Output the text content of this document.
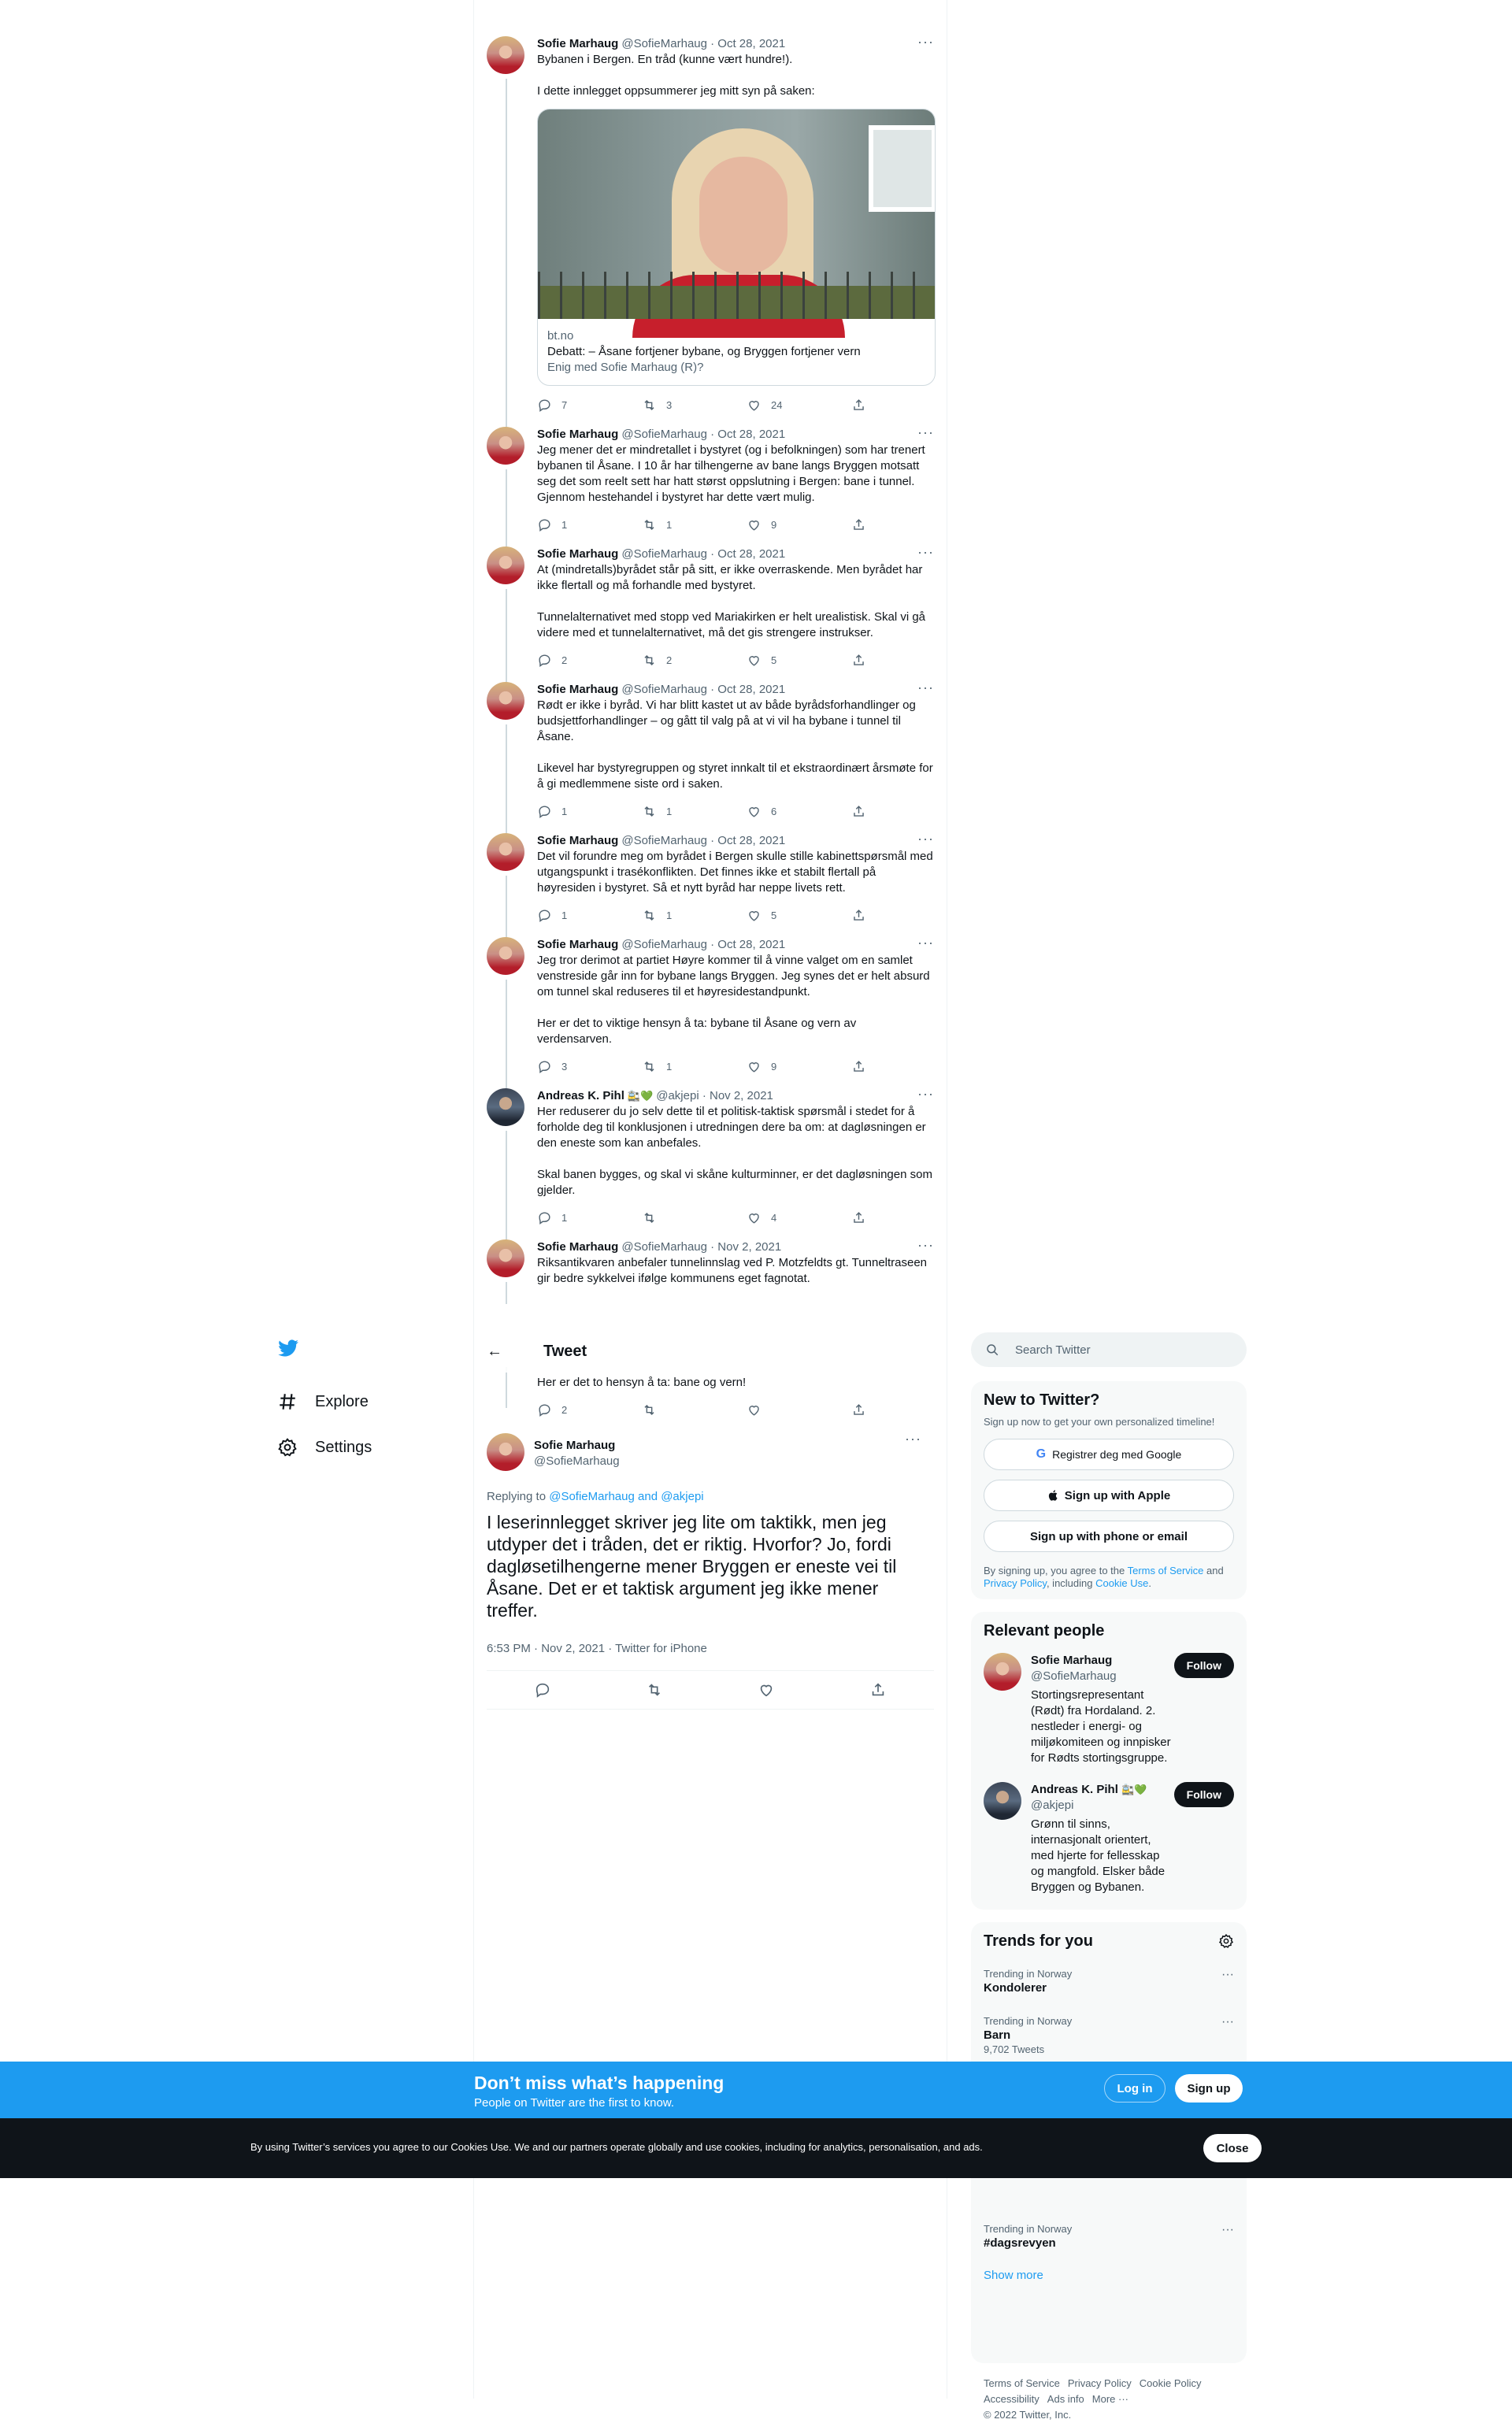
Sofie Marhaug @SofieMarhaug · Oct 28, 2021	···

Bybanen i Bergen. En tråd (kunne vært hundre!).

I dette innlegget oppsummerer jeg mitt syn på saken:

bt.no
Debatt: – Åsane fortjener bybane, og Bryggen fortjener vern
Enig med Sofie Marhaug (R)?
7	3	24
Sofie Marhaug @SofieMarhaug · Oct 28, 2021	···

Jeg mener det er mindretallet i bystyret (og i befolkningen) som har trenert bybanen til Åsane. I 10 år har tilhengerne av bane langs Bryggen motsatt seg det som reelt sett har hatt størst oppslutning i Bergen: bane i tunnel. Gjennom hestehandel i bystyret har dette vært mulig.

1	1	9
Sofie Marhaug @SofieMarhaug · Oct 28, 2021	···

At (mindretalls)byrådet står på sitt, er ikke overraskende. Men byrådet har ikke flertall og må forhandle med bystyret.

Tunnelalternativet med stopp ved Mariakirken er helt urealistisk. Skal vi gå videre med et tunnelalternativet, må det gis strengere instrukser.

2	2	5
Sofie Marhaug @SofieMarhaug · Oct 28, 2021	···

Rødt er ikke i byråd. Vi har blitt kastet ut av både byrådsforhandlinger og budsjettforhandlinger – og gått til valg på at vi vil ha bybane i tunnel til Åsane.

Likevel har bystyregruppen og styret innkalt til et ekstraordinært årsmøte for å gi medlemmene siste ord i saken.

1	1	6
Sofie Marhaug @SofieMarhaug · Oct 28, 2021	···

Det vil forundre meg om byrådet i Bergen skulle stille kabinettspørsmål med utgangspunkt i trasékonflikten. Det finnes ikke et stabilt flertall på høyresiden i bystyret. Så et nytt byråd har neppe livets rett.

1	1	5
Sofie Marhaug @SofieMarhaug · Oct 28, 2021	···

Jeg tror derimot at partiet Høyre kommer til å vinne valget om en samlet venstreside går inn for bybane langs Bryggen. Jeg synes det er helt absurd om tunnel skal reduseres til et høyresidestandpunkt.

Her er det to viktige hensyn å ta: bybane til Åsane og vern av verdensarven.

3	1	9
Andreas K. Pihl 🚉💚 @akjepi · Nov 2, 2021	···

Her reduserer du jo selv dette til et politisk-taktisk spørsmål i stedet for å forholde deg til konklusjonen i utredningen dere ba om: at dagløsningen er den eneste som kan anbefales.

Skal banen bygges, og skal vi skåne kulturminner, er det dagløsningen som gjelder.

1	4
Sofie Marhaug @SofieMarhaug · Nov 2, 2021	···

Riksantikvaren anbefaler tunnelinnslag ved P. Motzfeldts gt. Tunneltraseen gir bedre sykkelvei ifølge kommunens eget fagnotat.

Her er det to hensyn å ta: bane og vern!
2
←	Tweet
Sofie Marhaug
@SofieMarhaug
···
Replying to @SofieMarhaug and @akjepi
I leserinnlegget skriver jeg lite om taktikk, men jeg utdyper det i tråden, det er riktig. Hvorfor? Jo, fordi dagløsetilhengerne mener Bryggen er eneste vei til Åsane. Det er et taktisk argument jeg ikke mener treffer.
6:53 PM · Nov 2, 2021 · Twitter for iPhone
Explore
Settings
Search Twitter
New to Twitter?
Sign up now to get your own personalized timeline!
G Registrer deg med Google
Sign up with Apple
Sign up with phone or email
By signing up, you agree to the Terms of Service and Privacy Policy, including Cookie Use.
Relevant people
Sofie Marhaug
@SofieMarhaug
Stortingsrepresentant (Rødt) fra Hordaland. 2. nestleder i energi- og miljøkomiteen og innpisker for Rødts stortingsgruppe.
Follow
Andreas K. Pihl 🚉💚
@akjepi
Grønn til sinns, internasjonalt orientert, med hjerte for fellesskap og mangfold. Elsker både Bryggen og Bybanen.
Follow
Trends for you
Trending in Norway
Kondolerer
···
Trending in Norway
Barn
9,702 Tweets
···
Trending in Norway
#dagsrevyen
···
Show more
Terms of Service Privacy Policy Cookie Policy
Accessibility Ads info More ···
© 2022 Twitter, Inc.
Don’t miss what’s happening
People on Twitter are the first to know.
Log in	Sign up
By using Twitter’s services you agree to our Cookies Use. We and our partners operate globally and use cookies, including for analytics, personalisation, and ads.	Close
